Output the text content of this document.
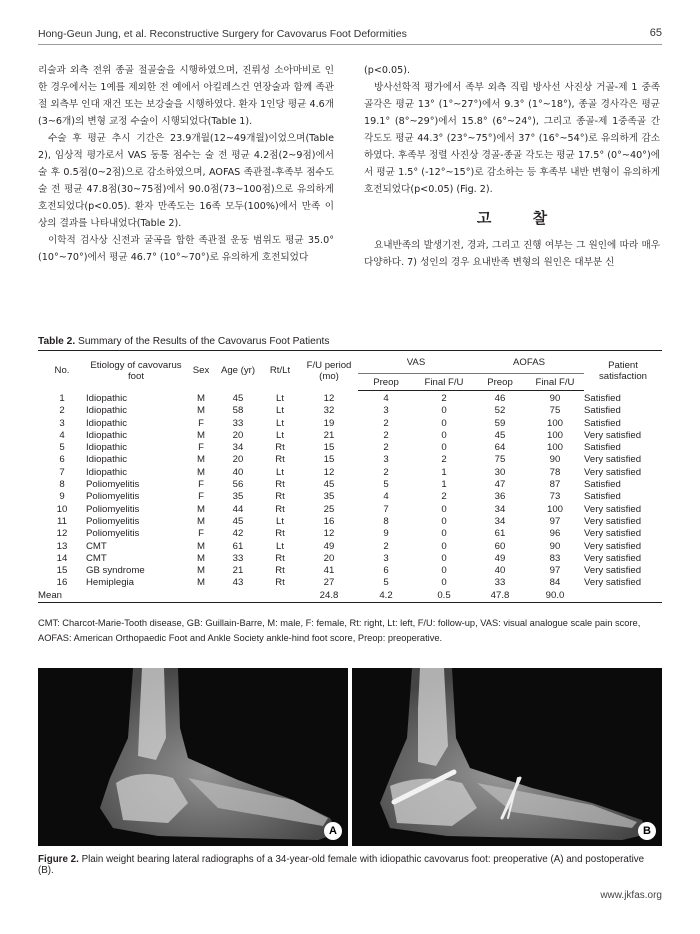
Hong-Geun Jung, et al. Reconstructive Surgery for Cavovarus Foot Deformities	65

리술과 외측 전위 종골 절골술을 시행하였으며, 진뤼성 소아마비로 인한 경우에서는 1예를 제외한 전 예에서 아킬레스건 연장술과 함께 족관절 외측부 인대 재건 또는 보강술을 시행하였다. 환자 1인당 평균 4.6개(3~6개)의 변형 교정 수술이 시행되었다(Table 1).

수술 후 평균 추시 기간은 23.9개월(12~49개월)이었으며(Table 2), 임상적 평가로서 VAS 동통 점수는 술 전 평균 4.2점(2~9점)에서 술 후 0.5점(0~2점)으로 감소하였으며, AOFAS 족관절-후족부 점수도 술 전 평균 47.8점(30~75점)에서 90.0점(73~100점)으로 유의하게 호전되었다(p<0.05). 환자 만족도는 16족 모두(100%)에서 만족 이상의 결과를 나타내었다(Table 2).

이학적 검사상 신전과 굴곡을 합한 족관절 운동 범위도 평균 35.0° (10°~70°)에서 평균 46.7° (10°~70°)로 유의하게 호전되었다

(p<0.05).

방사선학적 평가에서 족부 외측 직립 방사선 사진상 거골-제 1 중족골각은 평균 13° (1°~27°)에서 9.3° (1°~18°), 종골 경사각은 평균 19.1° (8°~29°)에서 15.8° (6°~24°), 그리고 종골-제 1중족골 간 각도도 평균 44.3° (23°~75°)에서 37° (16°~54°)로 유의하게 감소하였다. 후족부 정렬 사진상 경골-종골 각도는 평균 17.5° (0°~40°)에서 평균 1.5° (-12°~15°)로 감소하는 등 후족부 내반 변형이 유의하게 호전되었다(p<0.05) (Fig. 2).

고 찰

요내반족의 발생기전, 경과, 그리고 진행 여부는 그 원인에 따라 매우 다양하다. 7) 성인의 경우 요내반족 변형의 원인은 대부분 신

Table 2. Summary of the Results of the Cavovarus Foot Patients
No.	Etiology of cavovarus foot	Sex	Age (yr)	Rt/Lt	F/U period (mo)	VAS		AOFAS		Patient satisfaction
						Preop	Final F/U	Preop	Final F/U	
1	Idiopathic	M	45	Lt	12	4	2	46	90	Satisfied
2	Idiopathic	M	58	Lt	32	3	0	52	75	Satisfied
3	Idiopathic	F	33	Lt	19	2	0	59	100	Satisfied
4	Idiopathic	M	20	Lt	21	2	0	45	100	Very satisfied
5	Idiopathic	F	34	Rt	15	2	0	64	100	Satisfied
6	Idiopathic	M	20	Rt	15	3	2	75	90	Very satisfied
7	Idiopathic	M	40	Lt	12	2	1	30	78	Very satisfied
8	Poliomyelitis	F	56	Rt	45	5	1	47	87	Satisfied
9	Poliomyelitis	F	35	Rt	35	4	2	36	73	Satisfied
10	Poliomyelitis	M	44	Rt	25	7	0	34	100	Very satisfied
11	Poliomyelitis	M	45	Lt	16	8	0	34	97	Very satisfied
12	Poliomyelitis	F	42	Rt	12	9	0	61	96	Very satisfied
13	CMT	M	61	Lt	49	2	0	60	90	Very satisfied
14	CMT	M	33	Rt	20	3	0	49	83	Very satisfied
15	GB syndrome	M	21	Rt	41	6	0	40	97	Very satisfied
16	Hemiplegia	M	43	Rt	27	5	0	33	84	Very satisfied
Mean					24.8	4.2	0.5	47.8	90.0	
CMT: Charcot-Marie-Tooth disease, GB: Guillain-Barre, M: male, F: female, Rt: right, Lt: left, F/U: follow-up, VAS: visual analogue scale pain score, AOFAS: American Orthopaedic Foot and Ankle Society ankle-hind foot score, Preop: preoperative.
A	B
Figure 2. Plain weight bearing lateral radiographs of a 34-year-old female with idiopathic cavovarus foot: preoperative (A) and postoperative (B).
www.jkfas.org
